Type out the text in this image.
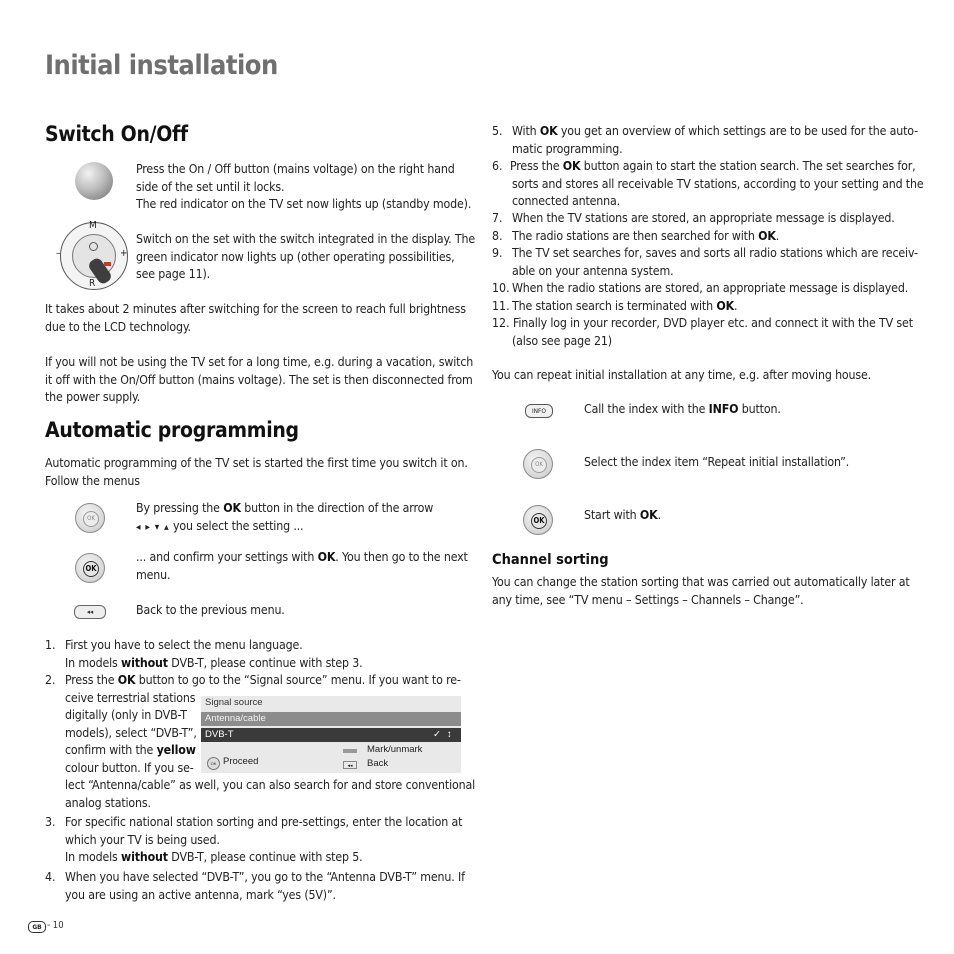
Initial installation
Switch On/Off

Press the On / Off button (mains voltage) on the right hand

side of the set until it locks.

The red indicator on the TV set now lights up (standby mode).

M
R
–	+

Switch on the set with the switch integrated in the display. The

green indicator now lights up (other operating possibilities,

see page 11).

It takes about 2 minutes after switching for the screen to reach full brightness

due to the LCD technology.

If you will not be using the TV set for a long time, e.g. during a vacation, switch

it off with the On/Off button (mains voltage). The set is then disconnected from

the power supply.

Automatic programming

Automatic programming of the TV set is started the first time you switch it on.

Follow the menus

OK

By pressing the OK button in the direction of the arrow

◂ ▸ ▾ ▴ you select the setting ...

OK

... and confirm your settings with OK. You then go to the next

menu.

◂◂	Back to the previous menu.

1. First you have to select the menu language.

In models without DVB-T, please continue with step 3.

2. Press the OK button to go to the “Signal source” menu. If you want to re-

ceive terrestrial stations

digitally (only in DVB-T

models), select “DVB-T”,

confirm with the yellow

colour button. If you se-

lect “Antenna/cable” as well, you can also search for and store conventional

analog stations.

Signal source
Antenna/cable
DVB-T	✓ ↕
OK Proceed
Mark/unmark
◂◂	Back
3. For specific national station sorting and pre-settings, enter the location at

which your TV is being used.

In models without DVB-T, please continue with step 5.

4. When you have selected “DVB-T”, you go to the “Antenna DVB-T” menu. If

you are using an active antenna, mark “yes (5V)”.

GB - 10
5. With OK you get an overview of which settings are to be used for the auto-

matic programming.

6. Press the OK button again to start the station search. The set searches for,

sorts and stores all receivable TV stations, according to your setting and the

connected antenna.

7. When the TV stations are stored, an appropriate message is displayed.

8. The radio stations are then searched for with OK.

9. The TV set searches for, saves and sorts all radio stations which are receiv-

able on your antenna system.

10. When the radio stations are stored, an appropriate message is displayed.

11. The station search is terminated with OK.

12. Finally log in your recorder, DVD player etc. and connect it with the TV set

(also see page 21)

You can repeat initial installation at any time, e.g. after moving house.

INFO	Call the index with the INFO button.

OK	Select the index item “Repeat initial installation”.

OK	Start with OK.

Channel sorting

You can change the station sorting that was carried out automatically later at

any time, see “TV menu – Settings – Channels – Change”.
